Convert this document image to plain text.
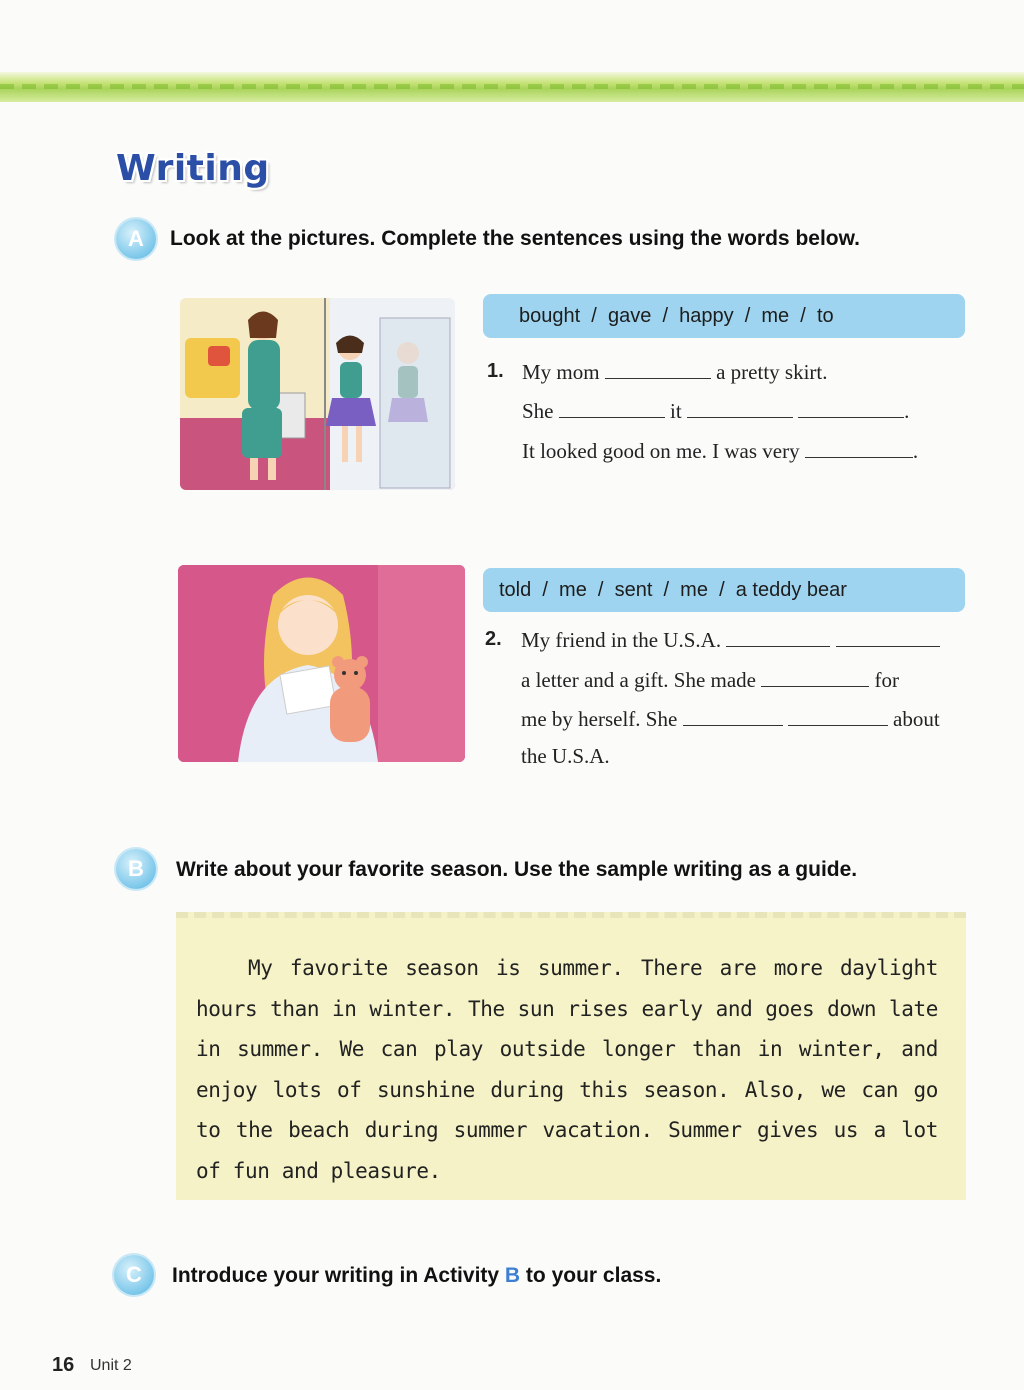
Writing
A	Look at the pictures. Complete the sentences using the words below.
bought  /  gave  /  happy  /  me  /  to
1. My mom	a pretty skirt.
She	it	.
It looked good on me. I was very	.
told  /  me  /  sent  /  me  /  a teddy bear
2. My friend in the U.S.A.
a letter and a gift. She made	for
me by herself. She	about
the U.S.A.
B	Write about your favorite season. Use the sample writing as a guide.

My favorite season is summer. There are more daylight hours than in winter. The sun rises early and goes down late in summer. We can play outside longer than in winter, and enjoy lots of sunshine during this season. Also, we can go to the beach during summer vacation. Summer gives us a lot of fun and pleasure.

C	Introduce your writing in Activity B to your class.
16 Unit 2
